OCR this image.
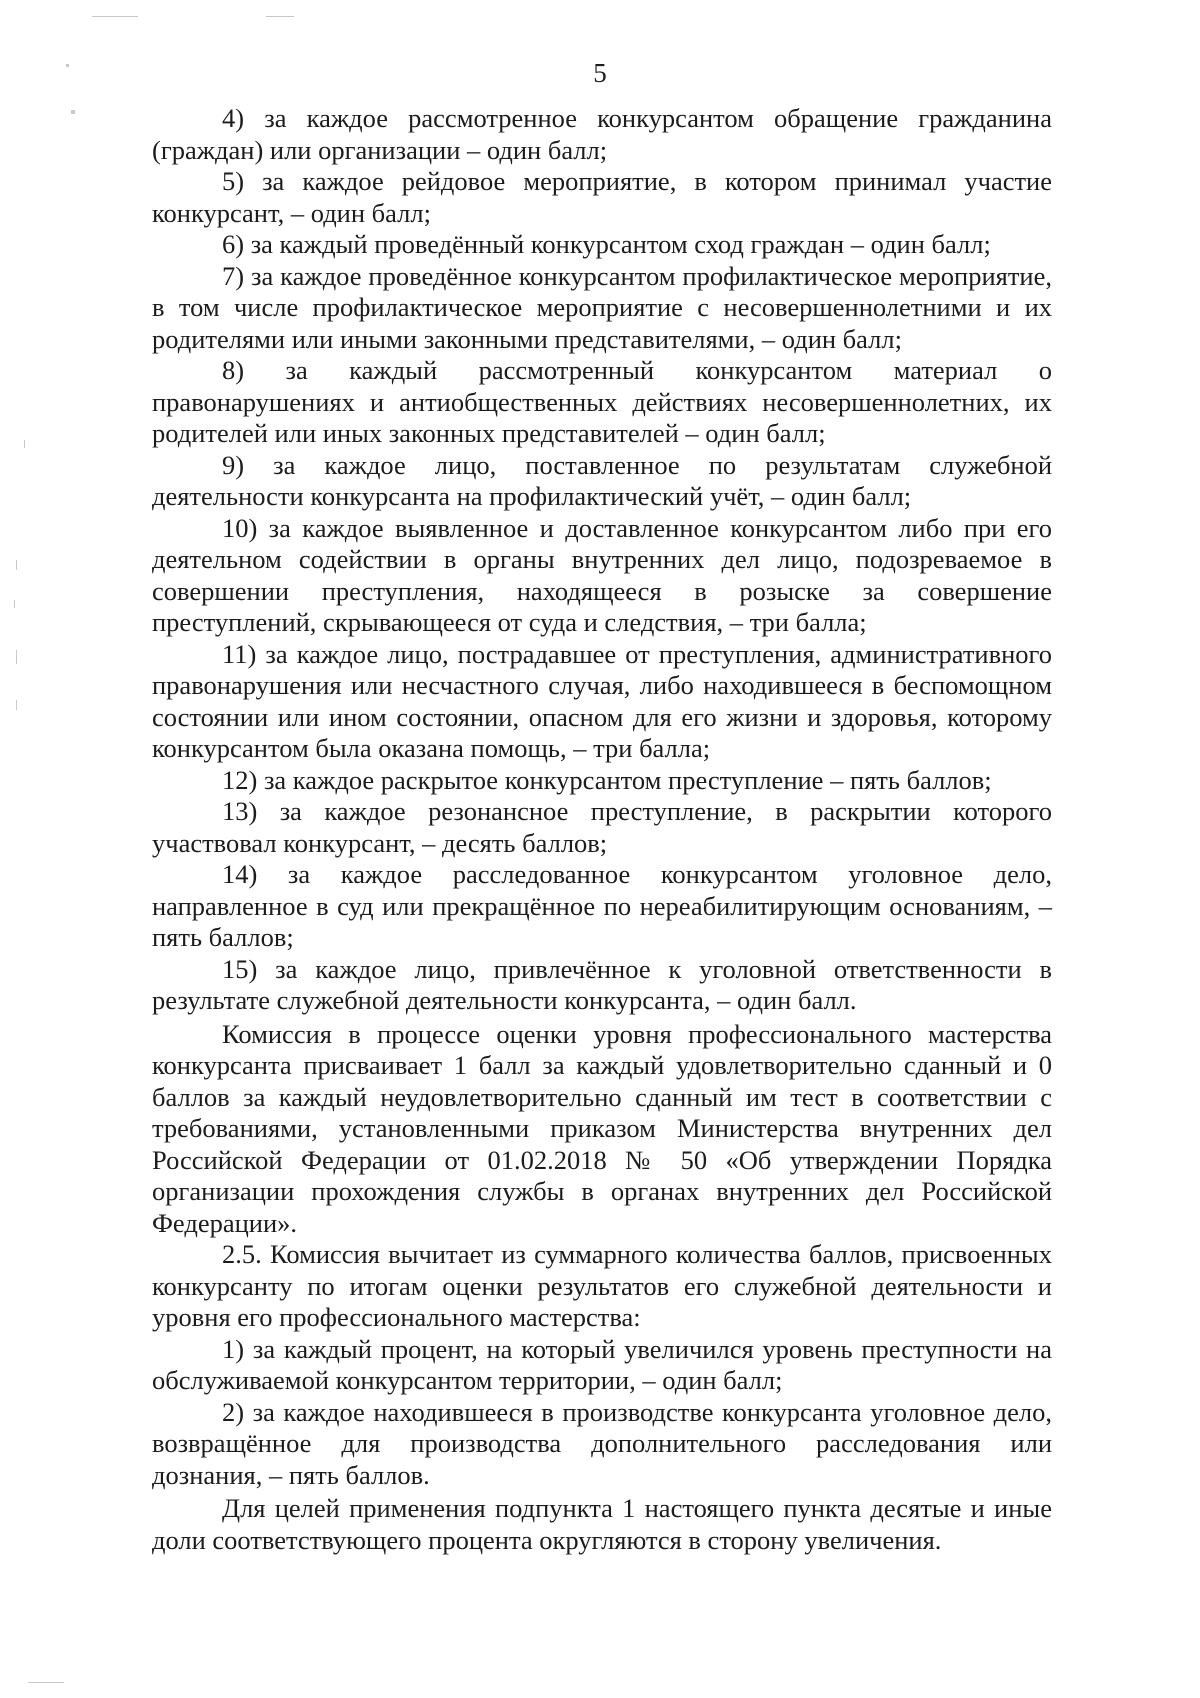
5

4) за каждое рассмотренное конкурсантом обращение гражданина (граждан) или организации – один балл;

5) за каждое рейдовое мероприятие, в котором принимал участие конкурсант, – один балл;

6) за каждый проведённый конкурсантом сход граждан – один балл;

7) за каждое проведённое конкурсантом профилактическое мероприятие, в том числе профилактическое мероприятие с несовершеннолетними и их родителями или иными законными представителями, – один балл;

8) за каждый рассмотренный конкурсантом материал о правонарушениях и антиобщественных действиях несовершеннолетних, их родителей или иных законных представителей – один балл;

9) за каждое лицо, поставленное по результатам служебной деятельности конкурсанта на профилактический учёт, – один балл;

10) за каждое выявленное и доставленное конкурсантом либо при его деятельном содействии в органы внутренних дел лицо, подозреваемое в совершении преступления, находящееся в розыске за совершение преступлений, скрывающееся от суда и следствия, – три балла;

11) за каждое лицо, пострадавшее от преступления, административного правонарушения или несчастного случая, либо находившееся в беспомощном состоянии или ином состоянии, опасном для его жизни и здоровья, которому конкурсантом была оказана помощь, – три балла;

12) за каждое раскрытое конкурсантом преступление – пять баллов;

13) за каждое резонансное преступление, в раскрытии которого участвовал конкурсант, – десять баллов;

14) за каждое расследованное конкурсантом уголовное дело, направленное в суд или прекращённое по нереабилитирующим основаниям, – пять баллов;

15) за каждое лицо, привлечённое к уголовной ответственности в результате служебной деятельности конкурсанта, – один балл.

Комиссия в процессе оценки уровня профессионального мастерства конкурсанта присваивает 1 балл за каждый удовлетворительно сданный и 0 баллов за каждый неудовлетворительно сданный им тест в соответствии с требованиями, установленными приказом Министерства внутренних дел Российской Федерации от 01.02.2018 № 50 «Об утверждении Порядка организации прохождения службы в органах внутренних дел Российской Федерации».

2.5. Комиссия вычитает из суммарного количества баллов, присвоенных конкурсанту по итогам оценки результатов его служебной деятельности и уровня его профессионального мастерства:

1) за каждый процент, на который увеличился уровень преступности на обслуживаемой конкурсантом территории, – один балл;

2) за каждое находившееся в производстве конкурсанта уголовное дело, возвращённое для производства дополнительного расследования или дознания, – пять баллов.

Для целей применения подпункта 1 настоящего пункта десятые и иные доли соответствующего процента округляются в сторону увеличения.
